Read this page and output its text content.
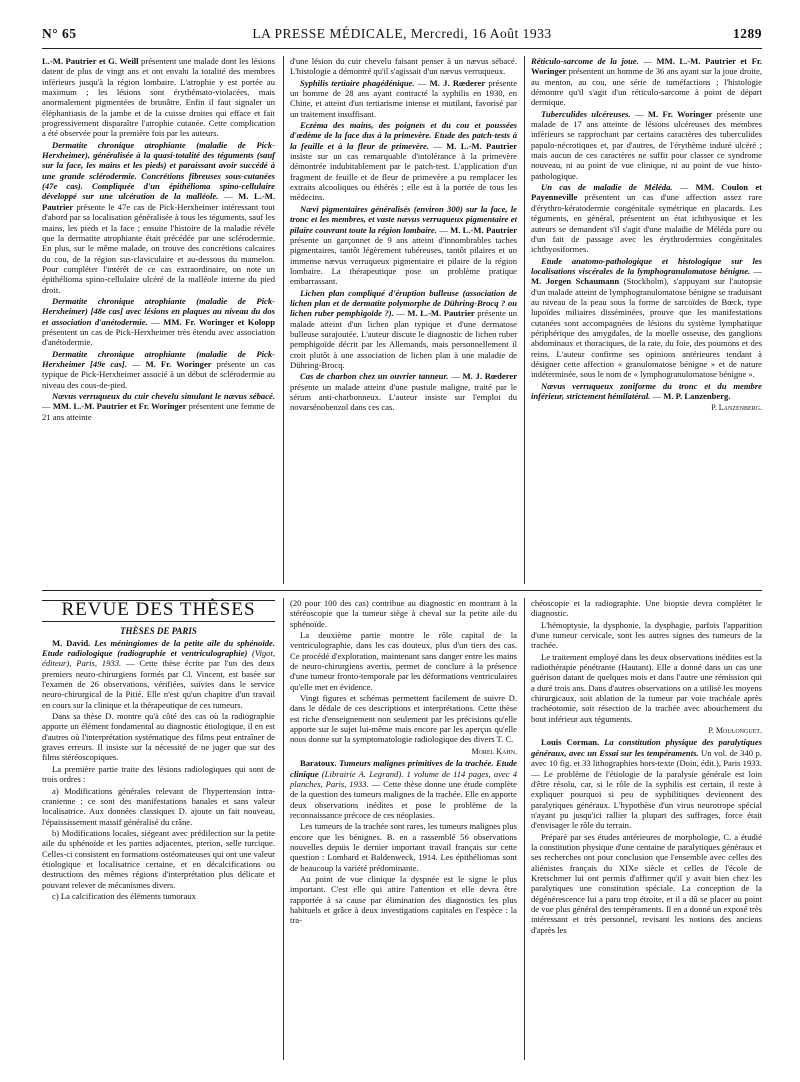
N° 65	LA PRESSE MÉDICALE, Mercredi, 16 Août 1933	1289

L.-M. Pautrier et G. Weill présentent une malade dont les lésions datent de plus de vingt ans et ont envahi la totalité des membres inférieurs jusqu'à la région lombaire. L'atrophie y est portée au maximum ; les lésions sont érythémato-violacées, mais anormalement pigmentées de brunâtre. Enfin il faut signaler un éléphantiasis de la jambe et de la cuisse droites qui efface et fait progressivement disparaître l'atrophie cutanée. Cette complication a été observée pour la première fois par les auteurs.

Dermatite chronique atrophiante (maladie de Pick-Herxheimer), généralisée à la quasi-totalité des téguments (sauf sur la face, les mains et les pieds) et paraissant avoir succédé à une grande sclérodermie. Concrétions fibreuses sous-cutanées (47e cas). Compliquée d'un épithélioma spino-cellulaire développé sur une ulcération de la malléole. — M. L.-M. Pautrier présente le 47e cas de Pick-Herxheimer intéressant tout d'abord par sa localisation généralisée à tous les téguments, sauf les mains, les pieds et la face ; ensuite l'histoire de la maladie révèle que la dermatite atrophiante était précédée par une sclérodermie. En plus, sur le même malade, on trouve des concrétions calcaires du cou, de la région sus-claviculaire et au-dessous du mamelon. Pour compléter l'intérêt de ce cas extraordinaire, on note un épithélioma spino-cellulaire ulcéré de la malléole interne du pied droit.

Dermatite chronique atrophiante (maladie de Pick-Herxheimer) [48e cas] avec lésions en plaques au niveau du dos et association d'anétodermie. — MM. Fr. Woringer et Kolopp présentent un cas de Pick-Herxheimer très étendu avec association d'anétodermie.

Dermatite chronique atrophiante (maladie de Pick-Herxheimer [49e cas]. — M. Fr. Woringer présente un cas typique de Pick-Herxheimer associé à un début de sclérodermie au niveau des cous-de-pied.

Nævus verruqueux du cuir chevelu simulant le nævus sébacé. — MM. L.-M. Pautrier et Fr. Woringer présentent une femme de 21 ans atteinte

d'une lésion du cuir chevelu faisant penser à un nævus sébacé. L'histologie a démontré qu'il s'agissait d'un nævus verruqueux.

Syphilis tertiaire phagédénique. — M. J. Rœderer présente un homme de 28 ans ayant contracté la syphilis en 1930, en Chine, et atteint d'un tertiarisme intense et mutilant, favorisé par un traitement insuffisant.

Eczéma des mains, des poignets et du cou et poussées d'œdème de la face dus à la primevère. Etude des patch-tests à la feuille et à la fleur de primevère. — M. L.-M. Pautrier insiste sur un cas remarquable d'intolérance à la primevère démontrée indubitablement par le patch-test. L'application d'un fragment de feuille et de fleur de primevère a pu remplacer les extraits alcooliques ou éthérés ; elle est à la portée de tous les médecins.

Nævi pigmentaires généralisés (environ 300) sur la face, le tronc et les membres, et vaste nævus verruqueux pigmentaire et pilaire couvrant toute la région lombaire. — M. L.-M. Pautrier présente un garçonnet de 9 ans atteint d'innombrables taches pigmentaires, tantôt légèrement tubéreuses, tantôt pilaires et un immense nævus verruqueux pigmentaire et pilaire de la région lombaire. La thérapeutique pose un problème pratique embarrassant.

Lichen plan compliqué d'éruption bulleuse (association de lichen plan et de dermatite polymorphe de Dühring-Brocq ? ou lichen ruber pemphigoïde ?). — M. L.-M. Pautrier présente un malade atteint d'un lichen plan typique et d'une dermatose bulleuse surajoutée. L'auteur discute le diagnostic de lichen ruber pemphigoïde décrit par les Allemands, mais personnellement il croit plutôt à une association de lichen plan à une maladie de Dühring-Brocq.

Cas de charbon chez un ouvrier tanneur. — M. J. Rœderer présente un malade atteint d'une pustule maligne, traité par le sérum anti-charbonneux. L'auteur insiste sur l'emploi du novarsénobenzol dans ces cas.

Réticulo-sarcome de la joue. — MM. L.-M. Pautrier et Fr. Woringer présentent un homme de 36 ans ayant sur la joue droite, au menton, au cou, une série de tuméfactions ; l'histologie démontre qu'il s'agit d'un réticulo-sarcome à point de départ dermique.

Tuberculides ulcéreuses. — M. Fr. Woringer présente une malade de 17 ans atteinte de lésions ulcéreuses des membres inférieurs se rapprochant par certains caractères des tuberculides papulo-nécrotiques et, par d'autres, de l'érythème induré ulcéré ; mais aucun de ces caractères ne suffit pour classer ce syndrome nouveau, ni au point de vue clinique, ni au point de vue histo-pathologique.

Un cas de maladie de Méléda. — MM. Coulon et Payenneville présentent un cas d'une affection assez rare d'érythro-kératodermie congénitale symétrique en placards. Les téguments, en général, présentent un état ichthyosique et les auteurs se demandent s'il s'agit d'une maladie de Méléda pure ou d'un fait de passage avec les érythrodermies congénitales ichthyosiformes.

Etude anatomo-pathologique et histologique sur les localisations viscérales de la lymphogranulomatose bénigne. — M. Jorgen Schaumann (Stockholm), s'appuyant sur l'autopsie d'un malade atteint de lymphogranulomatose bénigne se traduisant au niveau de la peau sous la forme de sarcoïdes de Bœck, type lupoïdes miliaires disséminées, prouve que les manifestations cutanées sont accompagnées de lésions du système lymphatique périphérique des amygdales, de la moelle osseuse, des ganglions abdominaux et thoraciques, de la rate, du foie, des poumons et des reins. L'auteur confirme ses opinions antérieures tendant à désigner cette affection « granulomatose bénigne » et de nature indéterminée, sous le nom de « lymphogranulomatose bénigne ».

Nævus verruqueux zoniforme du tronc et du membre inférieur, strictement hémilatéral. — M. P. Lanzenberg.

P. Lanzenberg.

REVUE DES THÈSES

THÈSES DE PARIS

M. David. Les méningiomes de la petite aile du sphénoïde. Etude radiologique (radiographie et ventriculographie) (Vigot, éditeur), Paris, 1933. — Cette thèse écrite par l'un des deux premiers neuro-chirurgiens formés par Cl. Vincent, est basée sur l'examen de 26 observations, vérifiées, suivies dans le service neuro-chirurgical de la Pitié. Elle n'est qu'un chapitre d'un travail en cours sur la clinique et la thérapeutique de ces tumeurs.

Dans sa thèse D. montre qu'à côté des cas où la radiographie apporte un élément fondamental au diagnostic étiologique, il en est d'autres où l'interprétation systématique des films peut entraîner de graves erreurs. Il insiste sur la nécessité de ne juger que sur des films stéréoscopiques.

La première partie traite des lésions radiologiques qui sont de trois ordres :

a) Modifications générales relevant de l'hypertension intra-cranienne ; ce sont des manifestations banales et sans valeur localisatrice. Aux données classiques D. ajoute un fait nouveau, l'épaississement massif généralisé du crâne.

b) Modifications locales, siégeant avec prédilection sur la petite aile du sphénoïde et les parties adjacentes, pterion, selle turcique. Celles-ci consistent en formations ostéomateuses qui ont une valeur étiologique et localisatrice certaine, et en décalcifications ou destructions des mêmes régions d'interprétation plus délicate et pouvant relever de mécanismes divers.

c) La calcification des éléments tumoraux

(20 pour 100 des cas) contribue au diagnostic en montrant à la stéréoscopie que la tumeur siège à cheval sur la petite aile du sphénoïde.

La deuxième partie montre le rôle capital de la ventriculographie, dans les cas douteux, plus d'un tiers des cas. Ce procédé d'exploration, maintenant sans danger entre les mains de neuro-chirurgiens avertis, permet de conclure à la présence d'une tumeur fronto-temporale par les déformations ventriculaires qu'elle met en évidence.

Vingt figures et schémas permettent facilement de suivre D. dans le dédale de ces descriptions et interprétations. Cette thèse est riche d'enseignement non seulement par les précisions qu'elle apporte sur le sujet lui-même mais encore par les aperçus qu'elle nous donne sur la symptomatologie radiologique des divers T. C.

Morel Kahn.

Baratoux. Tumeurs malignes primitives de la trachée. Etude clinique (Librairie A. Legrand). 1 volume de 114 pages, avec 4 planches, Paris, 1933. — Cette thèse donne une étude complète de la question des tumeurs malignes de la trachée. Elle en apporte deux observations inédites et pose le problème de la reconnaissance précoce de ces néoplasies.

Les tumeurs de la trachée sont rares, les tumeurs malignes plus encore que les bénignes. B. en a rassemblé 56 observations nouvelles depuis le dernier important travail français sur cette question : Lombard et Baldenweck, 1914. Les épithéliomas sont de beaucoup la variété prédominante.

Au point de vue clinique la dyspnée est le signe le plus important. C'est elle qui attire l'attention et elle devra être rapportée à sa cause par élimination des diagnostics les plus habituels et grâce à deux investigations capitales en l'espèce : la tra-

chéoscopie et la radiographie. Une biopsie devra compléter le diagnostic.

L'hémoptysie, la dysphonie, la dysphagie, parfois l'apparition d'une tumeur cervicale, sont les autres signes des tumeurs de la trachée.

Le traitement employé dans les deux observations inédites est la radiothérapie pénétrante (Hautant). Elle a donné dans un cas une guérison datant de quelques mois et dans l'autre une rémission qui a duré trois ans. Dans d'autres observations on a utilisé les moyens chirurgicaux, soit ablation de la tumeur par voie trachéale après trachéotomie, soit résection de la trachée avec abouchement du bout inférieur aux téguments.

P. Moulonguet.

Louis Corman. La constitution physique des paralytiques généraux, avec un Essai sur les tempéraments. Un vol. de 340 p. avec 10 fig. et 33 lithographies hors-texte (Doin, édit.), Paris 1933. — Le problème de l'étiologie de la paralysie générale est loin d'être résolu, car, si le rôle de la syphilis est certain, il reste à expliquer pourquoi si peu de syphilitiques deviennent des paralytiques généraux. L'hypothèse d'un virus neurotrope spécial n'ayant pu jusqu'ici rallier la plupart des suffrages, force était d'envisager le rôle du terrain.

Préparé par ses études antérieures de morphologie, C. a étudié la constitution physique d'une centaine de paralytiques généraux et ses recherches ont pour conclusion que l'ensemble avec celles des aliénistes français du XIXe siècle et celles de l'école de Kretschmer lui ont permis d'affirmer qu'il y avait bien chez les paralytiques une constitution spéciale. La conception de la dégénérescence lui a paru trop étroite, et il a dû se placer au point de vue plus général des tempéraments. Il en a donné un exposé très intéressant et très personnel, revisant les notions des anciens d'après les
